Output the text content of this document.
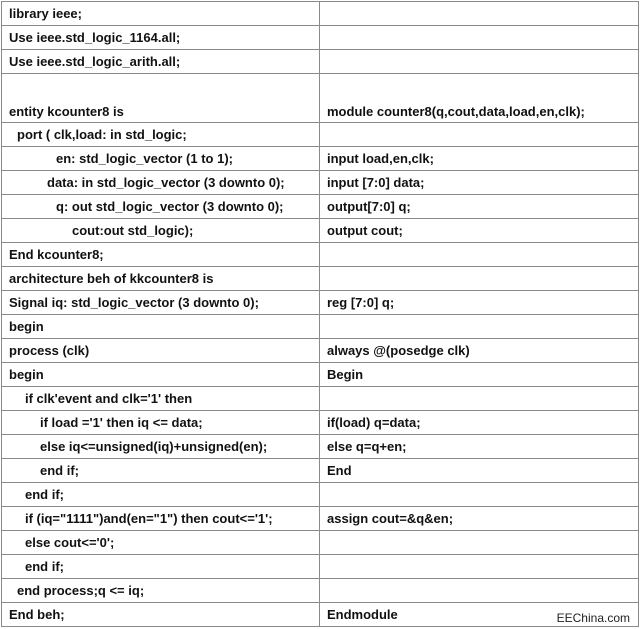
library ieee;	
Use ieee.std_logic_1164.all;	
Use ieee.std_logic_arith.all;	
entity kcounter8 is	module counter8(q,cout,data,load,en,clk);
port ( clk,load: in std_logic;	
en: std_logic_vector (1 to 1);	input load,en,clk;
data: in std_logic_vector (3 downto 0);	input [7:0] data;
q: out std_logic_vector (3 downto 0);	output[7:0] q;
cout:out std_logic);	output cout;
End kcounter8;	
architecture beh of kkcounter8 is	
Signal iq: std_logic_vector (3 downto 0);	reg [7:0] q;
begin	
process (clk)	always @(posedge clk)
begin	Begin
if clk'event and clk='1' then	
if load ='1' then iq <= data;	if(load) q=data;
else iq<=unsigned(iq)+unsigned(en);	else q=q+en;
end if;	End
end if;	
if (iq="1111")and(en="1") then cout<='1';	assign cout=&q&en;
else cout<='0';	
end if;	
end process;q <= iq;	
End beh;	Endmodule	EEChina.com
